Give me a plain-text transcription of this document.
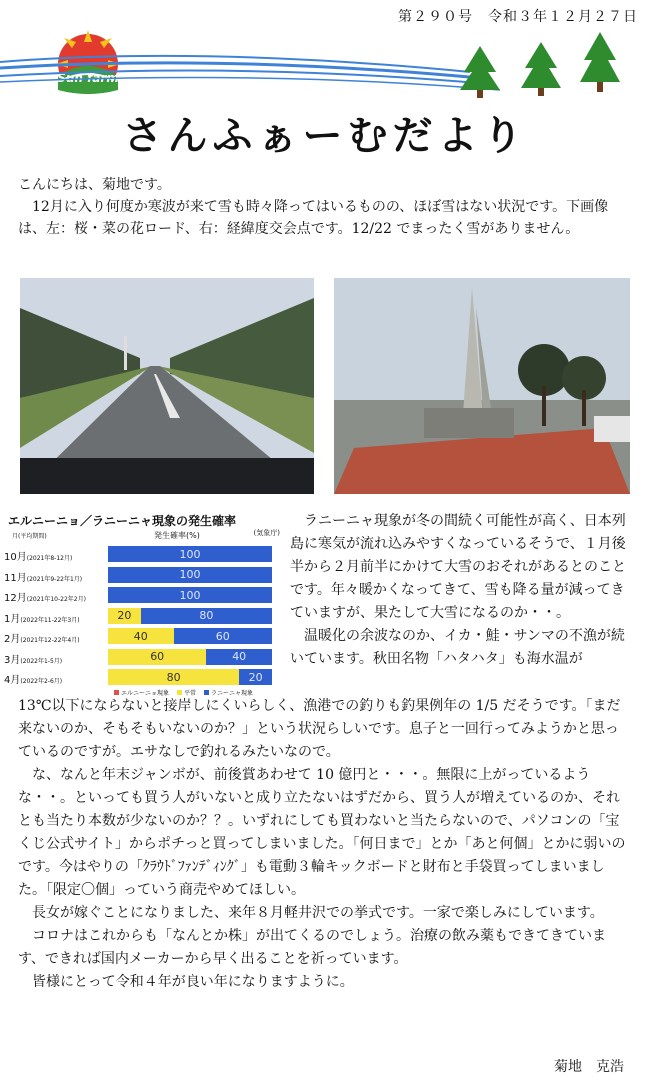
第２９０号　令和３年１２月２７日
Sun farm
さんふぁーむだより
こんにちは、菊地です。
12月に入り何度か寒波が来て雪も時々降ってはいるものの、ほぼ雪はない状況です。下画像は、左：桜・菜の花ロード、右：経緯度交会点です。12/22 でまったく雪がありません。
エルニーニョ／ラニーニャ現象の発生確率
(気象庁)
発生確率(%)
月(平均期間)
10月(2021年8-12月)	100
11月(2021年9-22年1月)	100
12月(2021年10-22年2月)	100
1月(2022年11-22年3月)	20	80
2月(2021年12-22年4月)	40	60
3月(2022年1-5月)	60	40
4月(2022年2-6月)	80	20
エルニーニョ現象	平常	ラニーニャ現象

ラニーニャ現象が冬の間続く可能性が高く、日本列島に寒気が流れ込みやすくなっているそうで、１月後半から２月前半にかけて大雪のおそれがあるとのことです。年々暖かくなってきて、雪も降る量が減ってきていますが、果たして大雪になるのか・・。

温暖化の余波なのか、イカ・鮭・サンマの不漁が続いています。秋田名物「ハタハタ」も海水温が

13℃以下にならないと接岸しにくいらしく、漁港での釣りも釣果例年の 1/5 だそうです。「まだ来ないのか、そもそもいないのか？」という状況らしいです。息子と一回行ってみようかと思っているのですが。エサなしで釣れるみたいなので。

な、なんと年末ジャンボが、前後賞あわせて 10 億円と・・・。無限に上がっているような・・。といっても買う人がいないと成り立たないはずだから、買う人が増えているのか、それとも当たり本数が少ないのか？？。いずれにしても買わないと当たらないので、パソコンの「宝くじ公式サイト」からポチっと買ってしまいました。「何日まで」とか「あと何個」とかに弱いのです。今はやりの「ｸﾗｳﾄﾞﾌｧﾝﾃﾞｨﾝｸﾞ」も電動３輪キックボードと財布と手袋買ってしまいました。「限定〇個」っていう商売やめてほしい。

長女が嫁ぐことになりました、来年８月軽井沢での挙式です。一家で楽しみにしています。

コロナはこれからも「なんとか株」が出てくるのでしょう。治療の飲み薬もできてきています、できれば国内メーカーから早く出ることを祈っています。

皆様にとって令和４年が良い年になりますように。

菊地　克浩
